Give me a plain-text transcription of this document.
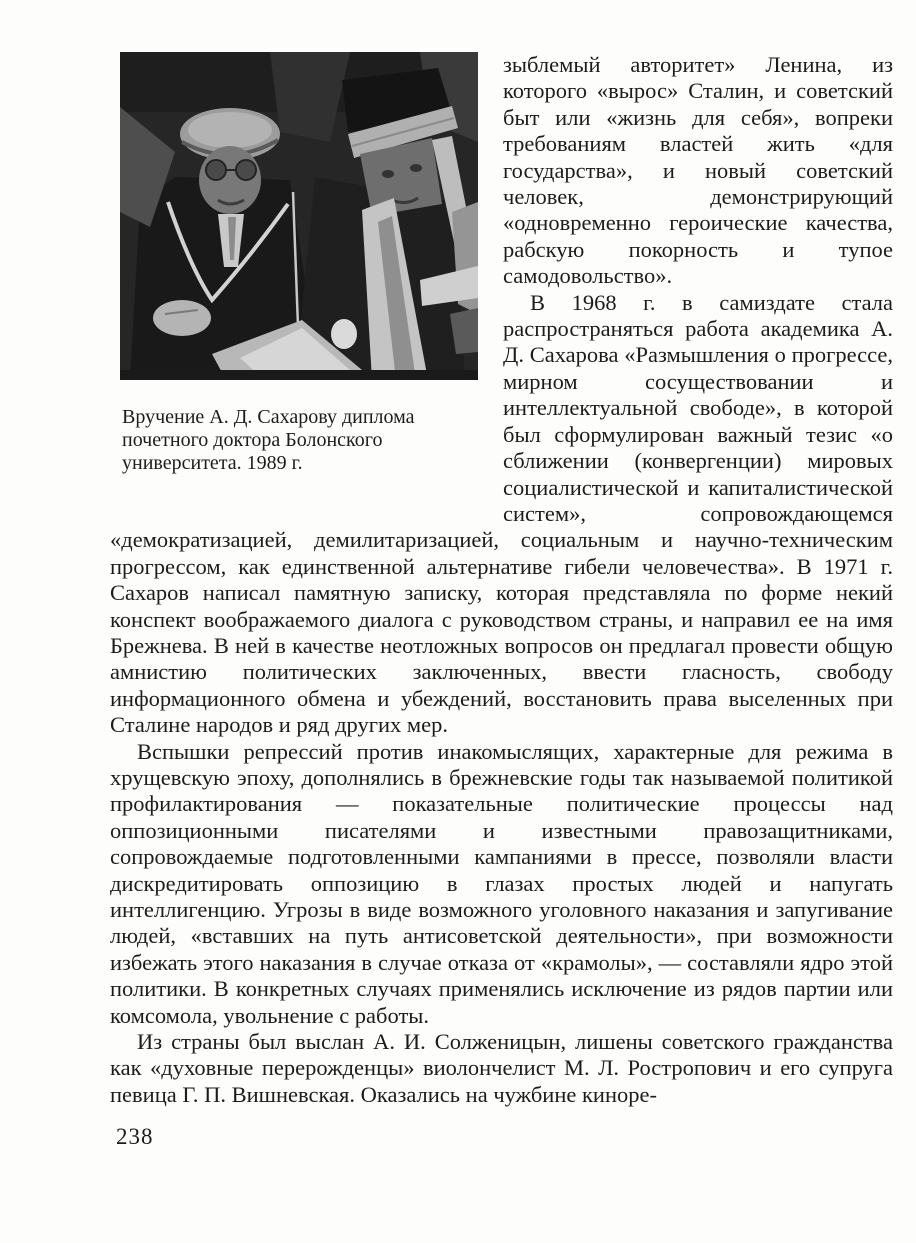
Вручение А. Д. Сахарову диплома почетного доктора Болонского университета. 1989 г.

зыблемый авторитет» Ленина, из которого «вырос» Сталин, и советский быт или «жизнь для себя», вопреки требованиям властей жить «для государства», и новый советский человек, демонстрирующий «одновременно героические качества, рабскую покорность и тупое самодовольство».

В 1968 г. в самиздате стала распространяться работа академика А. Д. Сахарова «Размышления о прогрессе, мирном сосуществовании и интеллектуальной свободе», в которой был сформулирован важный тезис «о сближении (конвергенции) мировых социалистической и капиталистической систем», сопровождающемся «демократизацией, демилитаризацией, социальным и научно-техническим прогрессом, как единственной альтернативе гибели человечества». В 1971 г. Сахаров написал памятную записку, которая представляла по форме некий конспект воображаемого диалога с руководством страны, и направил ее на имя Брежнева. В ней в качестве неотложных вопросов он предлагал провести общую амнистию политических заключенных, ввести гласность, свободу информационного обмена и убеждений, восстановить права выселенных при Сталине народов и ряд других мер.

Вспышки репрессий против инакомыслящих, характерные для режима в хрущевскую эпоху, дополнялись в брежневские годы так называемой политикой профилактирования — показательные политические процессы над оппозиционными писателями и известными правозащитниками, сопровождаемые подготовленными кампаниями в прессе, позволяли власти дискредитировать оппозицию в глазах простых людей и напугать интеллигенцию. Угрозы в виде возможного уголовного наказания и запугивание людей, «вставших на путь антисоветской деятельности», при возможности избежать этого наказания в случае отказа от «крамолы», — составляли ядро этой политики. В конкретных случаях применялись исключение из рядов партии или комсомола, увольнение с работы.

Из страны был выслан А. И. Солженицын, лишены советского гражданства как «духовные перерожденцы» виолончелист М. Л. Ростропович и его супруга певица Г. П. Вишневская. Оказались на чужбине киноре-

238
